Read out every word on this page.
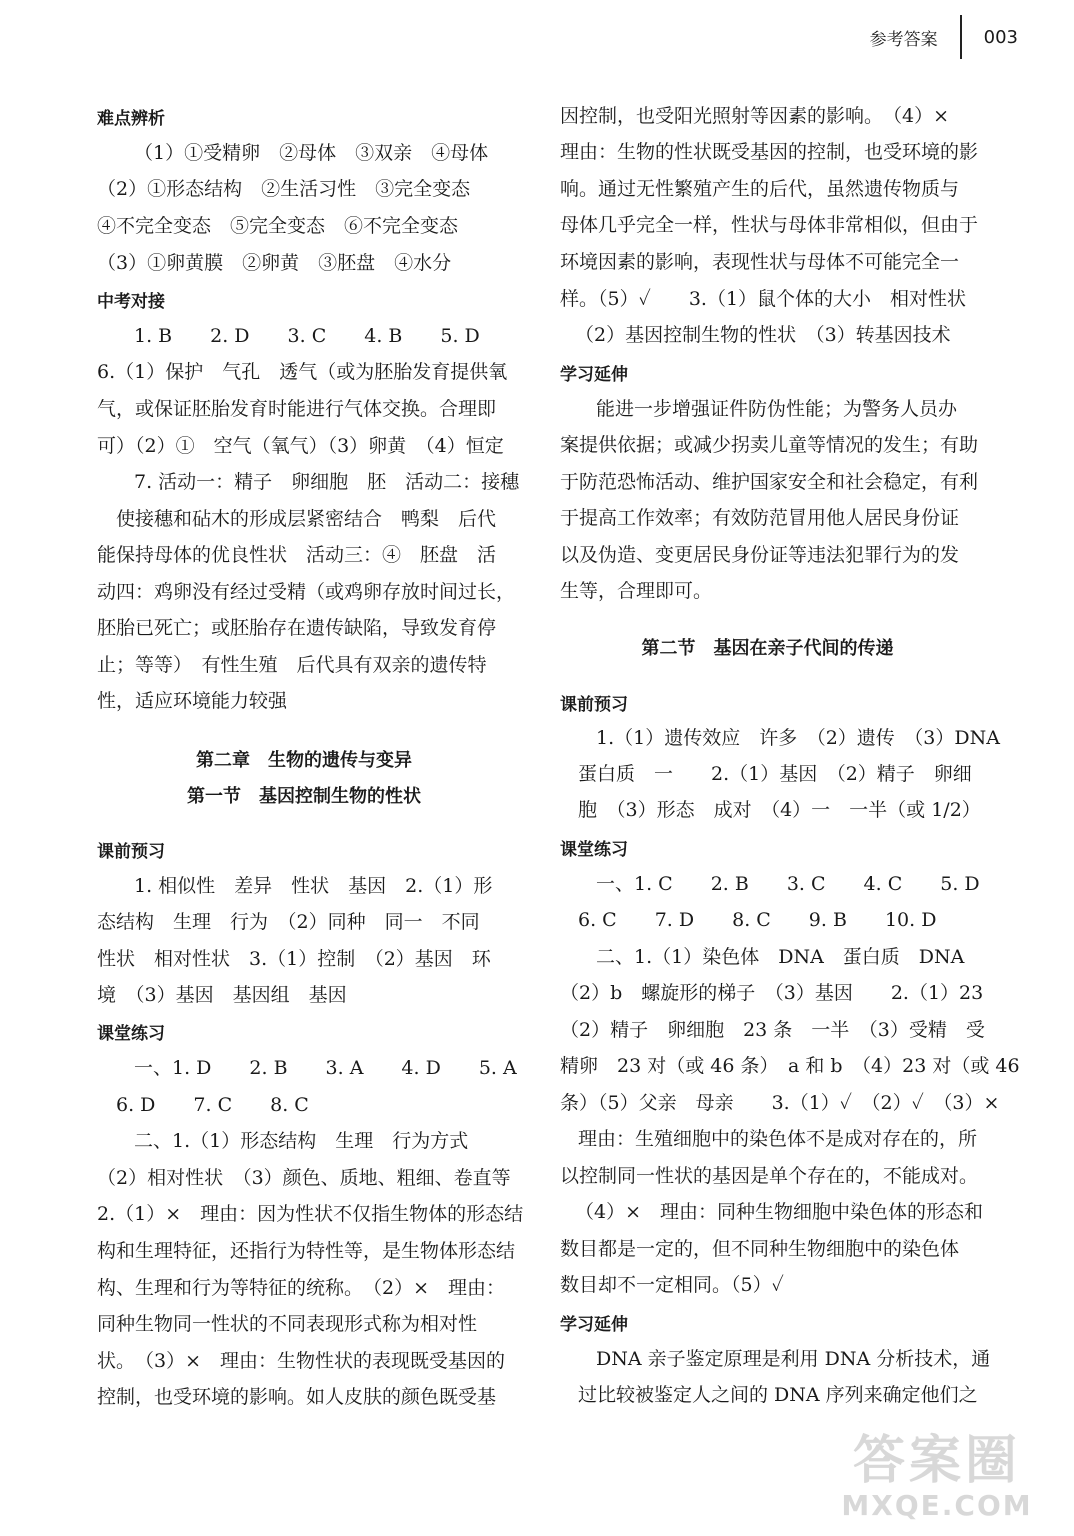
参考答案	003
难点辨析
（1）①受精卵　②母体　③双亲　④母体
（2）①形态结构　②生活习性　③完全变态
④不完全变态　⑤完全变态　⑥不完全变态
（3）①卵黄膜　②卵黄　③胚盘　④水分
中考对接
1. B　　2. D　　3. C　　4. B　　5. D
6.（1）保护　气孔　透气（或为胚胎发育提供氧
气，或保证胚胎发育时能进行气体交换。合理即
可）（2）①　空气（氧气）（3）卵黄　（4）恒定
7. 活动一：精子　卵细胞　胚　活动二：接穗
使接穗和砧木的形成层紧密结合　鸭梨　后代
能保持母体的优良性状　活动三：④　胚盘　活
动四：鸡卵没有经过受精（或鸡卵存放时间过长，
胚胎已死亡；或胚胎存在遗传缺陷，导致发育停
止；等等）　有性生殖　后代具有双亲的遗传特
性，适应环境能力较强
第二章　生物的遗传与变异
第一节　基因控制生物的性状
课前预习
1. 相似性　差异　性状　基因　2.（1）形
态结构　生理　行为　（2）同种　同一　不同
性状　相对性状　3.（1）控制　（2）基因　环
境　（3）基因　基因组　基因
课堂练习
一、1. D　　2. B　　3. A　　4. D　　5. A
6. D　　7. C　　8. C
二、1.（1）形态结构　生理　行为方式
（2）相对性状　（3）颜色、质地、粗细、卷直等
2.（1）×　理由：因为性状不仅指生物体的形态结
构和生理特征，还指行为特性等，是生物体形态结
构、生理和行为等特征的统称。　（2）×　理由：
同种生物同一性状的不同表现形式称为相对性
状。　（3）×　理由：生物性状的表现既受基因的
控制，也受环境的影响。如人皮肤的颜色既受基
因控制，也受阳光照射等因素的影响。　（4）×
理由：生物的性状既受基因的控制，也受环境的影
响。通过无性繁殖产生的后代，虽然遗传物质与
母体几乎完全一样，性状与母体非常相似，但由于
环境因素的影响，表现性状与母体不可能完全一
样。（5）✓　　3.（1）鼠个体的大小　相对性状
（2）基因控制生物的性状　（3）转基因技术
学习延伸
能进一步增强证件防伪性能；为警务人员办
案提供依据；或减少拐卖儿童等情况的发生；有助
于防范恐怖活动、维护国家安全和社会稳定，有利
于提高工作效率；有效防范冒用他人居民身份证
以及伪造、变更居民身份证等违法犯罪行为的发
生等，合理即可。
第二节　基因在亲子代间的传递
课前预习
1.（1）遗传效应　许多　（2）遗传　（3）DNA
蛋白质　一　　2.（1）基因　（2）精子　卵细
胞　（3）形态　成对　（4）一　一半（或 1/2）
课堂练习
一、1. C　　2. B　　3. C　　4. C　　5. D
6. C　　7. D　　8. C　　9. B　　10. D
二、1.（1）染色体　DNA　蛋白质　DNA
（2）b　螺旋形的梯子　（3）基因　　2.（1）23
（2）精子　卵细胞　23 条　一半　（3）受精　受
精卵　23 对（或 46 条）　a 和 b　（4）23 对（或 46
条）（5）父亲　母亲　　3.（1）✓　（2）✓　（3）×
理由：生殖细胞中的染色体不是成对存在的，所
以控制同一性状的基因是单个存在的，不能成对。
（4）×　理由：同种生物细胞中染色体的形态和
数目都是一定的，但不同种生物细胞中的染色体
数目却不一定相同。（5）✓
学习延伸
DNA 亲子鉴定原理是利用 DNA 分析技术，通
过比较被鉴定人之间的 DNA 序列来确定他们之
答案圈
MXQE.COM
